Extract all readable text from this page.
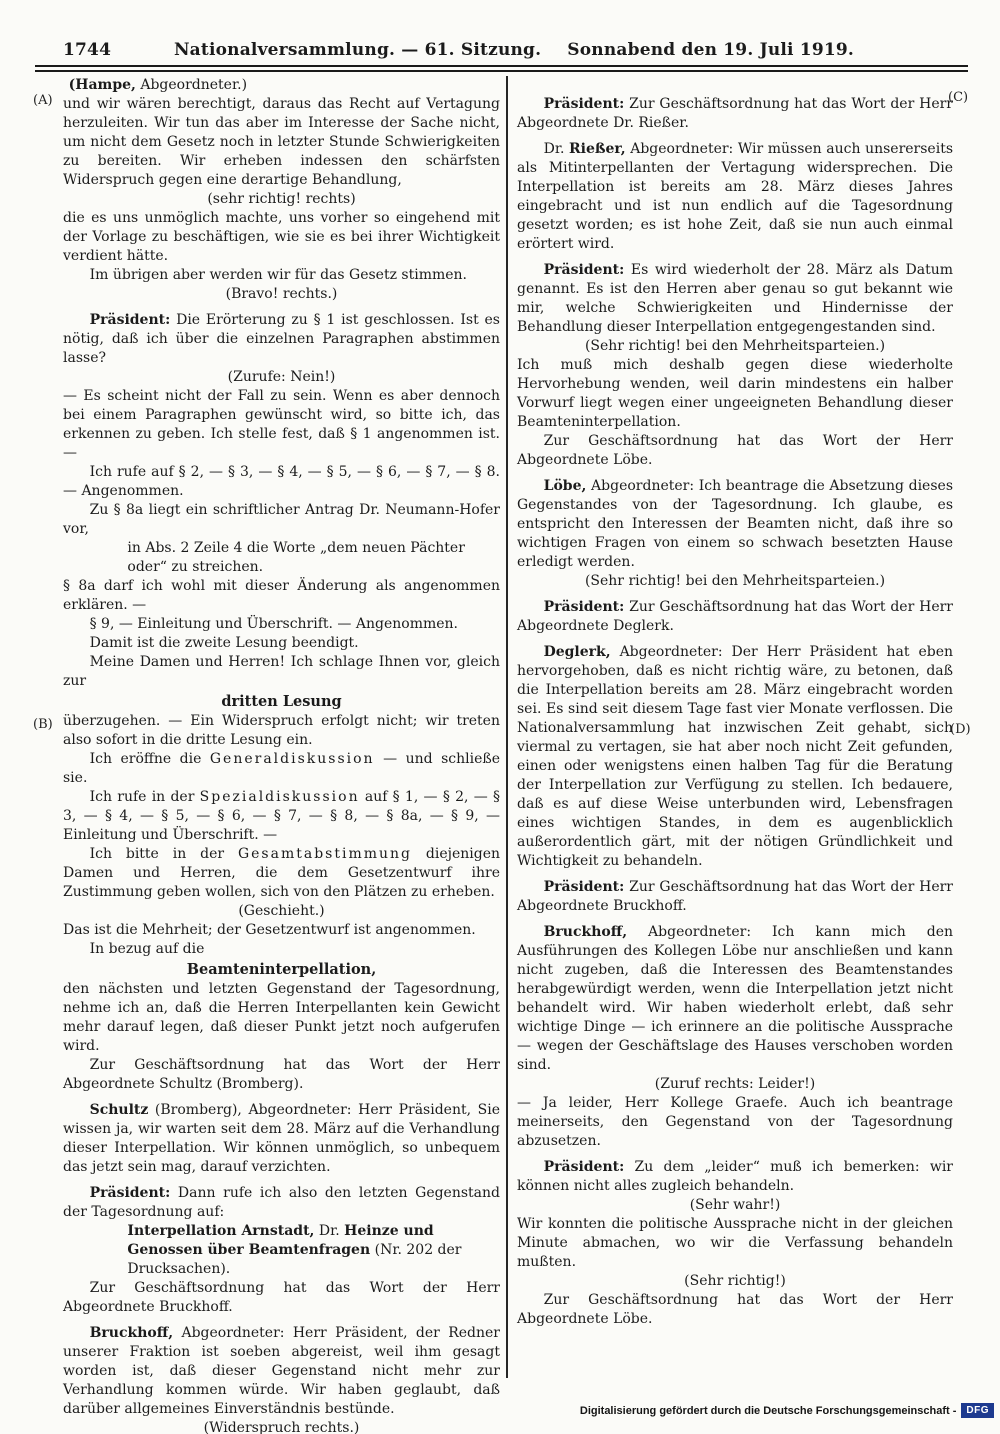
1744	Nationalversammlung. — 61. Sitzung. Sonnabend den 19. Juli 1919.

(Hampe, Abgeordneter.)

und wir wären berechtigt, daraus das Recht auf Vertagung herzuleiten. Wir tun das aber im Interesse der Sache nicht, um nicht dem Gesetz noch in letzter Stunde Schwierigkeiten zu bereiten. Wir erheben indessen den schärfsten Widerspruch gegen eine derartige Behandlung,

(sehr richtig! rechts)

die es uns unmöglich machte, uns vorher so eingehend mit der Vorlage zu beschäftigen, wie sie es bei ihrer Wichtigkeit verdient hätte.

Im übrigen aber werden wir für das Gesetz stimmen.

(Bravo! rechts.)

Präsident: Die Erörterung zu § 1 ist geschlossen. Ist es nötig, daß ich über die einzelnen Paragraphen abstimmen lasse?

(Zurufe: Nein!)

— Es scheint nicht der Fall zu sein. Wenn es aber dennoch bei einem Paragraphen gewünscht wird, so bitte ich, das erkennen zu geben. Ich stelle fest, daß § 1 angenommen ist. —

Ich rufe auf § 2, — § 3, — § 4, — § 5, — § 6, — § 7, — § 8. — Angenommen.

Zu § 8a liegt ein schriftlicher Antrag Dr. Neumann-Hofer vor,

in Abs. 2 Zeile 4 die Worte „dem neuen Pächter oder“ zu streichen.

§ 8a darf ich wohl mit dieser Änderung als angenommen erklären. —

§ 9, — Einleitung und Überschrift. — Angenommen.

Damit ist die zweite Lesung beendigt.

Meine Damen und Herren! Ich schlage Ihnen vor, gleich zur

dritten Lesung

überzugehen. — Ein Widerspruch erfolgt nicht; wir treten also sofort in die dritte Lesung ein.

Ich eröffne die Generaldiskussion — und schließe sie.

Ich rufe in der Spezialdiskussion auf § 1, — § 2, — § 3, — § 4, — § 5, — § 6, — § 7, — § 8, — § 8a, — § 9, — Einleitung und Überschrift. —

Ich bitte in der Gesamtabstimmung diejenigen Damen und Herren, die dem Gesetzentwurf ihre Zustimmung geben wollen, sich von den Plätzen zu erheben.

(Geschieht.)

Das ist die Mehrheit; der Gesetzentwurf ist angenommen.

In bezug auf die

Beamteninterpellation,

den nächsten und letzten Gegenstand der Tagesordnung, nehme ich an, daß die Herren Interpellanten kein Gewicht mehr darauf legen, daß dieser Punkt jetzt noch aufgerufen wird.

Zur Geschäftsordnung hat das Wort der Herr Abgeordnete Schultz (Bromberg).

Schultz (Bromberg), Abgeordneter: Herr Präsident, Sie wissen ja, wir warten seit dem 28. März auf die Verhandlung dieser Interpellation. Wir können unmöglich, so unbequem das jetzt sein mag, darauf verzichten.

Präsident: Dann rufe ich also den letzten Gegenstand der Tagesordnung auf:

Interpellation Arnstadt, Dr. Heinze und Genossen über Beamtenfragen (Nr. 202 der Drucksachen).

Zur Geschäftsordnung hat das Wort der Herr Abgeordnete Bruckhoff.

Bruckhoff, Abgeordneter: Herr Präsident, der Redner unserer Fraktion ist soeben abgereist, weil ihm gesagt worden ist, daß dieser Gegenstand nicht mehr zur Verhandlung kommen würde. Wir haben geglaubt, daß darüber allgemeines Einverständnis bestünde.

(Widerspruch rechts.)

Präsident: Zur Geschäftsordnung hat das Wort der Herr Abgeordnete Dr. Rießer.

Dr. Rießer, Abgeordneter: Wir müssen auch unsererseits als Mitinterpellanten der Vertagung widersprechen. Die Interpellation ist bereits am 28. März dieses Jahres eingebracht und ist nun endlich auf die Tagesordnung gesetzt worden; es ist hohe Zeit, daß sie nun auch einmal erörtert wird.

Präsident: Es wird wiederholt der 28. März als Datum genannt. Es ist den Herren aber genau so gut bekannt wie mir, welche Schwierigkeiten und Hindernisse der Behandlung dieser Interpellation entgegengestanden sind.

(Sehr richtig! bei den Mehrheitsparteien.)

Ich muß mich deshalb gegen diese wiederholte Hervorhebung wenden, weil darin mindestens ein halber Vorwurf liegt wegen einer ungeeigneten Behandlung dieser Beamteninterpellation.

Zur Geschäftsordnung hat das Wort der Herr Abgeordnete Löbe.

Löbe, Abgeordneter: Ich beantrage die Absetzung dieses Gegenstandes von der Tagesordnung. Ich glaube, es entspricht den Interessen der Beamten nicht, daß ihre so wichtigen Fragen von einem so schwach besetzten Hause erledigt werden.

(Sehr richtig! bei den Mehrheitsparteien.)

Präsident: Zur Geschäftsordnung hat das Wort der Herr Abgeordnete Deglerk.

Deglerk, Abgeordneter: Der Herr Präsident hat eben hervorgehoben, daß es nicht richtig wäre, zu betonen, daß die Interpellation bereits am 28. März eingebracht worden sei. Es sind seit diesem Tage fast vier Monate verflossen. Die Nationalversammlung hat inzwischen Zeit gehabt, sich viermal zu vertagen, sie hat aber noch nicht Zeit gefunden, einen oder wenigstens einen halben Tag für die Beratung der Interpellation zur Verfügung zu stellen. Ich bedauere, daß es auf diese Weise unterbunden wird, Lebensfragen eines wichtigen Standes, in dem es augenblicklich außerordentlich gärt, mit der nötigen Gründlichkeit und Wichtigkeit zu behandeln.

Präsident: Zur Geschäftsordnung hat das Wort der Herr Abgeordnete Bruckhoff.

Bruckhoff, Abgeordneter: Ich kann mich den Ausführungen des Kollegen Löbe nur anschließen und kann nicht zugeben, daß die Interessen des Beamtenstandes herabgewürdigt werden, wenn die Interpellation jetzt nicht behandelt wird. Wir haben wiederholt erlebt, daß sehr wichtige Dinge — ich erinnere an die politische Aussprache — wegen der Geschäftslage des Hauses verschoben worden sind.

(Zuruf rechts: Leider!)

— Ja leider, Herr Kollege Graefe. Auch ich beantrage meinerseits, den Gegenstand von der Tagesordnung abzusetzen.

Präsident: Zu dem „leider“ muß ich bemerken: wir können nicht alles zugleich behandeln.

(Sehr wahr!)

Wir konnten die politische Aussprache nicht in der gleichen Minute abmachen, wo wir die Verfassung behandeln mußten.

(Sehr richtig!)

Zur Geschäftsordnung hat das Wort der Herr Abgeordnete Löbe.

(A)
(B)
(C)
(D)
Digitalisierung gefördert durch die Deutsche Forschungsgemeinschaft -	DFG
